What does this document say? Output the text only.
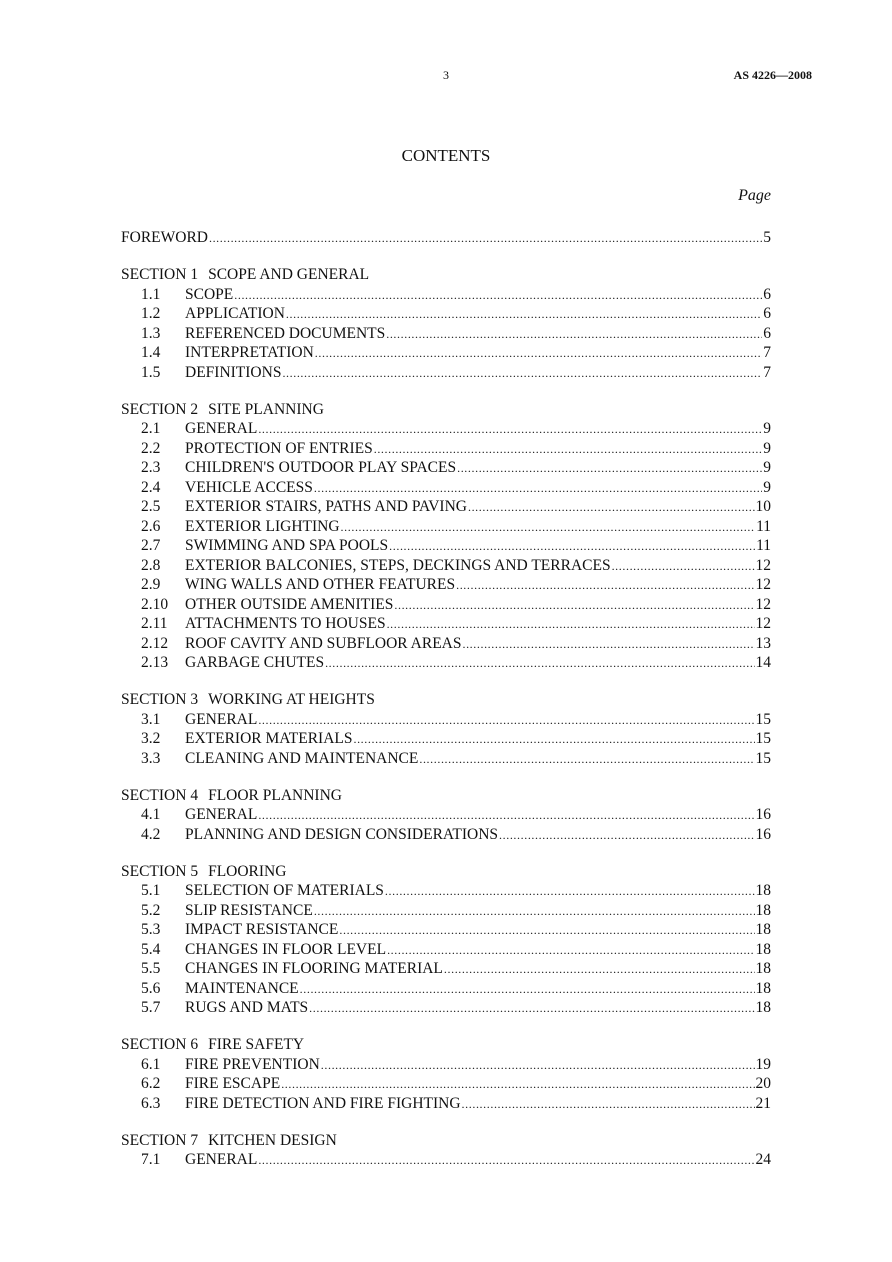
3	AS 4226—2008
CONTENTS
Page
FOREWORD .....	5
SECTION 1 SCOPE AND GENERAL
1.1	SCOPE .....	6
1.2	APPLICATION .....	6
1.3	REFERENCED DOCUMENTS .....	6
1.4	INTERPRETATION .....	7
1.5	DEFINITIONS .....	7
SECTION 2 SITE PLANNING
2.1	GENERAL .....	9
2.2	PROTECTION OF ENTRIES .....	9
2.3	CHILDREN'S OUTDOOR PLAY SPACES .....	9
2.4	VEHICLE ACCESS .....	9
2.5	EXTERIOR STAIRS, PATHS AND PAVING .....	10
2.6	EXTERIOR LIGHTING .....	11
2.7	SWIMMING AND SPA POOLS .....	11
2.8	EXTERIOR BALCONIES, STEPS, DECKINGS AND TERRACES .....	12
2.9	WING WALLS AND OTHER FEATURES .....	12
2.10	OTHER OUTSIDE AMENITIES .....	12
2.11	ATTACHMENTS TO HOUSES .....	12
2.12	ROOF CAVITY AND SUBFLOOR AREAS .....	13
2.13	GARBAGE CHUTES .....	14
SECTION 3 WORKING AT HEIGHTS
3.1	GENERAL .....	15
3.2	EXTERIOR MATERIALS .....	15
3.3	CLEANING AND MAINTENANCE .....	15
SECTION 4 FLOOR PLANNING
4.1	GENERAL .....	16
4.2	PLANNING AND DESIGN CONSIDERATIONS .....	16
SECTION 5 FLOORING
5.1	SELECTION OF MATERIALS .....	18
5.2	SLIP RESISTANCE .....	18
5.3	IMPACT RESISTANCE .....	18
5.4	CHANGES IN FLOOR LEVEL .....	18
5.5	CHANGES IN FLOORING MATERIAL .....	18
5.6	MAINTENANCE .....	18
5.7	RUGS AND MATS .....	18
SECTION 6 FIRE SAFETY
6.1	FIRE PREVENTION .....	19
6.2	FIRE ESCAPE .....	20
6.3	FIRE DETECTION AND FIRE FIGHTING .....	21
SECTION 7 KITCHEN DESIGN
7.1	GENERAL .....	24
